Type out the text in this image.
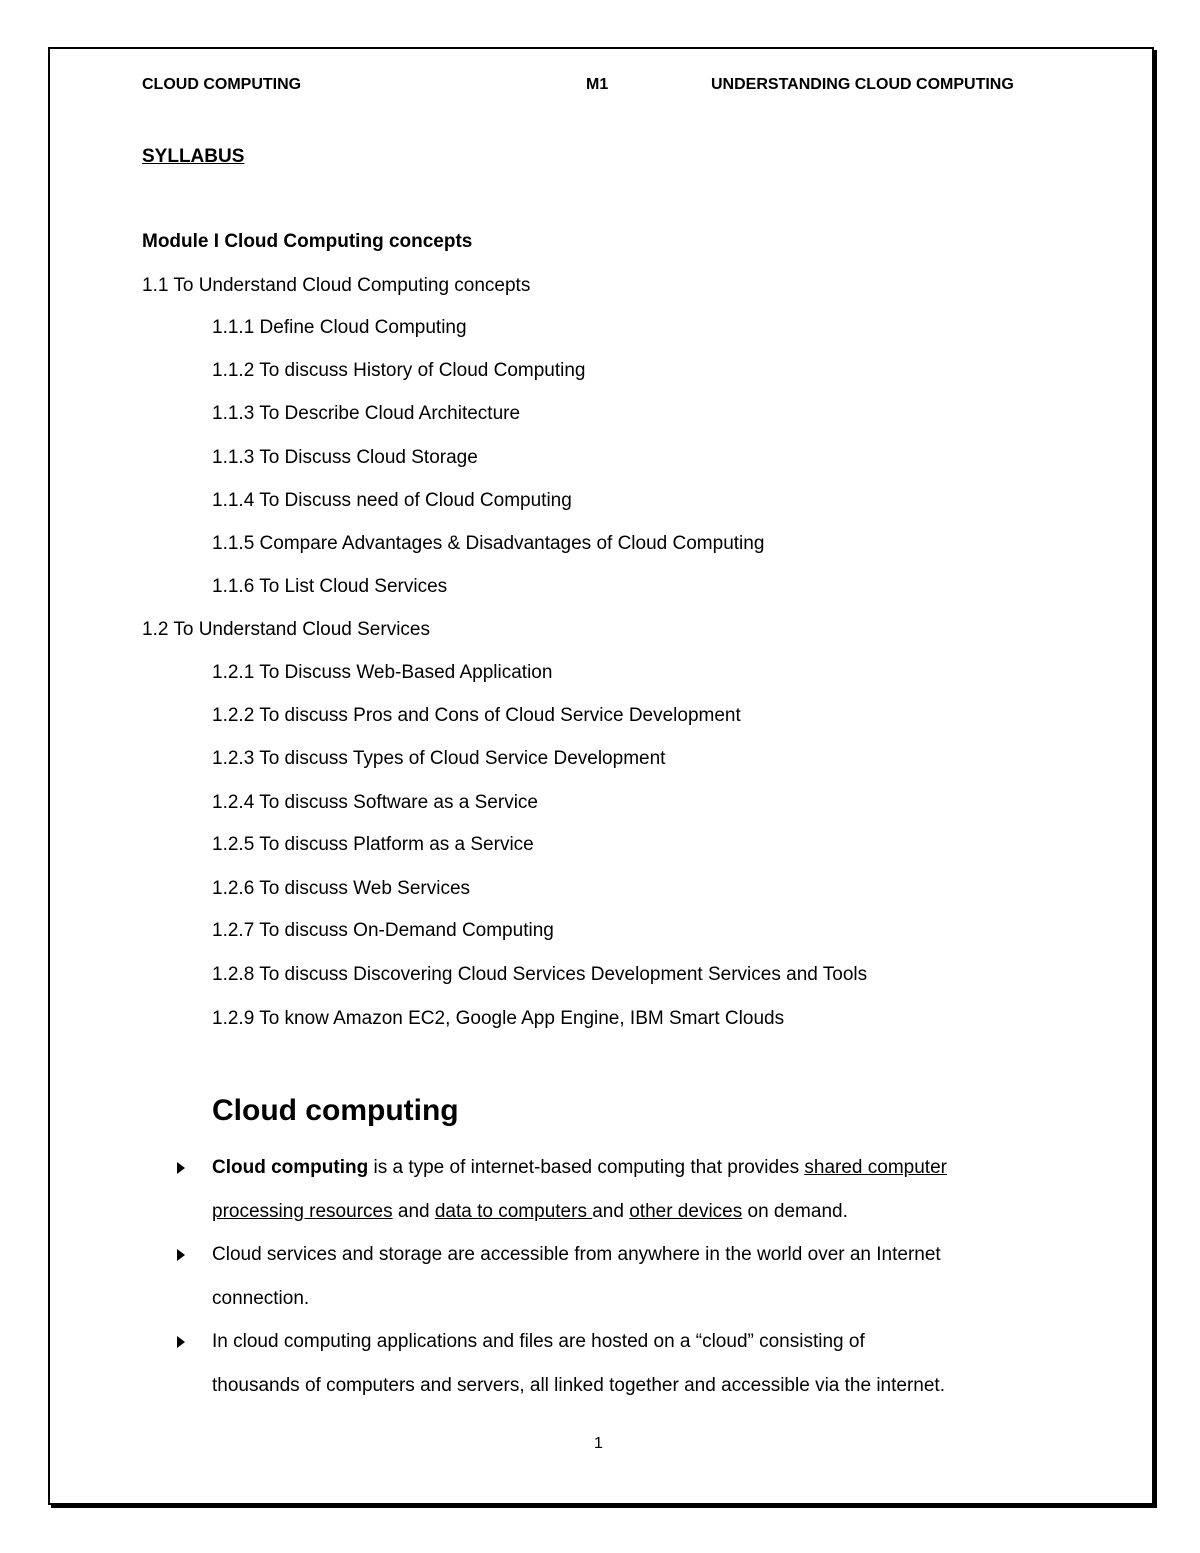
CLOUD COMPUTING	M1	UNDERSTANDING CLOUD COMPUTING
SYLLABUS
Module I Cloud Computing concepts
1.1 To Understand Cloud Computing concepts
1.1.1 Define Cloud Computing
1.1.2 To discuss History of Cloud Computing
1.1.3 To Describe Cloud Architecture
1.1.3 To Discuss Cloud Storage
1.1.4 To Discuss need of Cloud Computing
1.1.5 Compare Advantages & Disadvantages of Cloud Computing
1.1.6 To List Cloud Services
1.2 To Understand Cloud Services
1.2.1 To Discuss Web-Based Application
1.2.2 To discuss Pros and Cons of Cloud Service Development
1.2.3 To discuss Types of Cloud Service Development
1.2.4 To discuss Software as a Service
1.2.5 To discuss Platform as a Service
1.2.6 To discuss Web Services
1.2.7 To discuss On-Demand Computing
1.2.8 To discuss Discovering Cloud Services Development Services and Tools
1.2.9 To know Amazon EC2, Google App Engine, IBM Smart Clouds
Cloud computing
Cloud computing is a type of internet-based computing that provides shared computer
processing resources and data to computers and other devices on demand.
Cloud services and storage are accessible from anywhere in the world over an Internet
connection.
In cloud computing applications and files are hosted on a “cloud” consisting of
thousands of computers and servers, all linked together and accessible via the internet.
1
